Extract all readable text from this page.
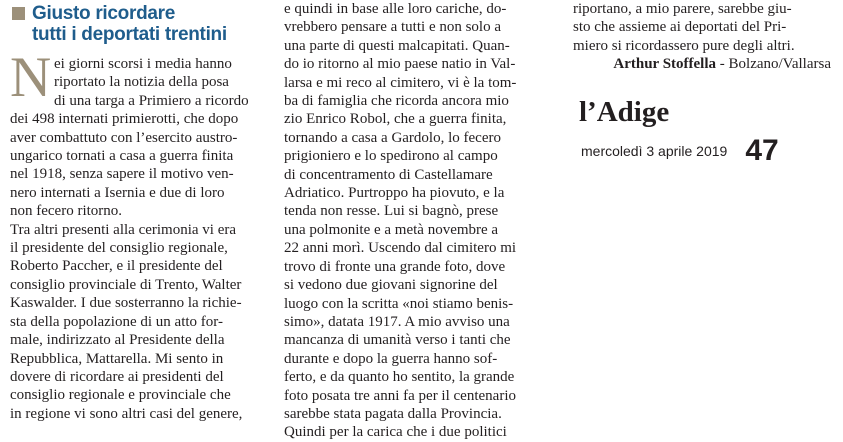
Giusto ricordare
tutti i deportati trentini
N ei giorni scorsi i media hanno
riportato la notizia della posa
di una targa a Primiero a ricordo
dei 498 internati primierotti, che dopo
aver combattuto con l’esercito austro-
ungarico tornati a casa a guerra finita
nel 1918, senza sapere il motivo ven-
nero internati a Isernia e due di loro
non fecero ritorno.
Tra altri presenti alla cerimonia vi era
il presidente del consiglio regionale,
Roberto Paccher, e il presidente del
consiglio provinciale di Trento, Walter
Kaswalder. I due sosterranno la richie-
sta della popolazione di un atto for-
male, indirizzato al Presidente della
Repubblica, Mattarella. Mi sento in
dovere di ricordare ai presidenti del
consiglio regionale e provinciale che
in regione vi sono altri casi del genere,
e quindi in base alle loro cariche, do-
vrebbero pensare a tutti e non solo a
una parte di questi malcapitati. Quan-
do io ritorno al mio paese natio in Val-
larsa e mi reco al cimitero, vi è la tom-
ba di famiglia che ricorda ancora mio
zio Enrico Robol, che a guerra finita,
tornando a casa a Gardolo, lo fecero
prigioniero e lo spedirono al campo
di concentramento di Castellamare
Adriatico. Purtroppo ha piovuto, e la
tenda non resse. Lui si bagnò, prese
una polmonite e a metà novembre a
22 anni morì. Uscendo dal cimitero mi
trovo di fronte una grande foto, dove
si vedono due giovani signorine del
luogo con la scritta «noi stiamo benis-
simo», datata 1917. A mio avviso una
mancanza di umanità verso i tanti che
durante e dopo la guerra hanno sof-
ferto, e da quanto ho sentito, la grande
foto posata tre anni fa per il centenario
sarebbe stata pagata dalla Provincia.
Quindi per la carica che i due politici
riportano, a mio parere, sarebbe giu-
sto che assieme ai deportati del Pri-
miero si ricordassero pure degli altri.
Arthur Stoffella - Bolzano/Vallarsa
l’Adige
mercoledì 3 aprile 2019 47
